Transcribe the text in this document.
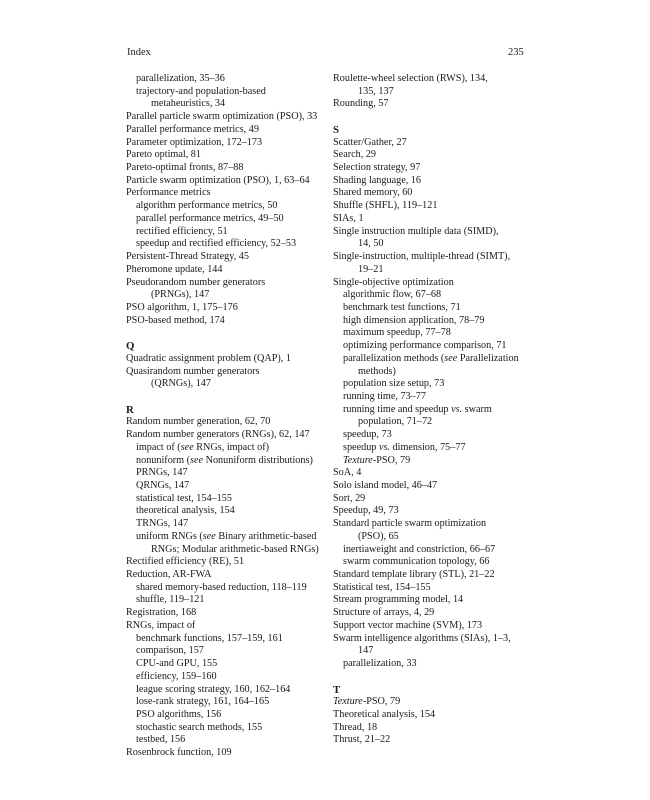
Index	235
parallelization, 35–36
trajectory-and population-based
metaheuristics, 34
Parallel particle swarm optimization (PSO), 33
Parallel performance metrics, 49
Parameter optimization, 172–173
Pareto optimal, 81
Pareto-optimal fronts, 87–88
Particle swarm optimization (PSO), 1, 63–64
Performance metrics
algorithm performance metrics, 50
parallel performance metrics, 49–50
rectified efficiency, 51
speedup and rectified efficiency, 52–53
Persistent-Thread Strategy, 45
Pheromone update, 144
Pseudorandom number generators
(PRNGs), 147
PSO algorithm, 1, 175–176
PSO-based method, 174
Q
Quadratic assignment problem (QAP), 1
Quasirandom number generators
(QRNGs), 147
R
Random number generation, 62, 70
Random number generators (RNGs), 62, 147
impact of (see RNGs, impact of)
nonuniform (see Nonuniform distributions)
PRNGs, 147
QRNGs, 147
statistical test, 154–155
theoretical analysis, 154
TRNGs, 147
uniform RNGs (see Binary arithmetic-based
RNGs; Modular arithmetic-based RNGs)
Rectified efficiency (RE), 51
Reduction, AR-FWA
shared memory-based reduction, 118–119
shuffle, 119–121
Registration, 168
RNGs, impact of
benchmark functions, 157–159, 161
comparison, 157
CPU-and GPU, 155
efficiency, 159–160
league scoring strategy, 160, 162–164
lose-rank strategy, 161, 164–165
PSO algorithms, 156
stochastic search methods, 155
testbed, 156
Rosenbrock function, 109
Roulette-wheel selection (RWS), 134,
135, 137
Rounding, 57
S
Scatter/Gather, 27
Search, 29
Selection strategy, 97
Shading language, 16
Shared memory, 60
Shuffle (SHFL), 119–121
SIAs, 1
Single instruction multiple data (SIMD),
14, 50
Single-instruction, multiple-thread (SIMT),
19–21
Single-objective optimization
algorithmic flow, 67–68
benchmark test functions, 71
high dimension application, 78–79
maximum speedup, 77–78
optimizing performance comparison, 71
parallelization methods (see Parallelization
methods)
population size setup, 73
running time, 73–77
running time and speedup vs. swarm
population, 71–72
speedup, 73
speedup vs. dimension, 75–77
Texture-PSO, 79
SoA, 4
Solo island model, 46–47
Sort, 29
Speedup, 49, 73
Standard particle swarm optimization
(PSO), 65
inertiaweight and constriction, 66–67
swarm communication topology, 66
Standard template library (STL), 21–22
Statistical test, 154–155
Stream programming model, 14
Structure of arrays, 4, 29
Support vector machine (SVM), 173
Swarm intelligence algorithms (SIAs), 1–3,
147
parallelization, 33
T
Texture-PSO, 79
Theoretical analysis, 154
Thread, 18
Thrust, 21–22
